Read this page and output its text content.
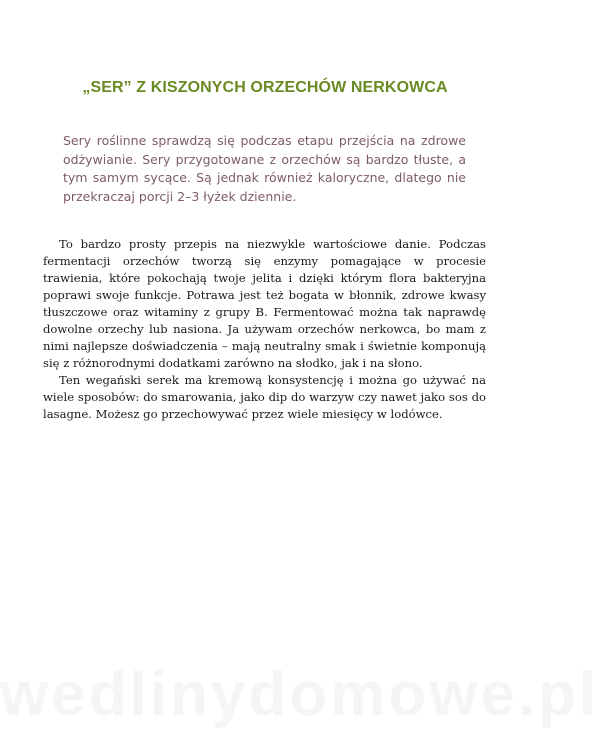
„SER” Z KISZONYCH ORZECHÓW NERKOWCA

Sery roślinne sprawdzą się podczas etapu przejścia na zdrowe odżywianie. Sery przygotowane z orzechów są bardzo tłuste, a tym samym sycące. Są jednak również kaloryczne, dlatego nie przekraczaj porcji 2–3 łyżek dziennie.

To bardzo prosty przepis na niezwykle wartościowe danie. Podczas fermentacji orzechów tworzą się enzymy pomagające w procesie trawienia, które pokochają twoje jelita i dzięki którym flora bakteryjna poprawi swoje funkcje. Potrawa jest też bogata w błonnik, zdrowe kwasy tłuszczowe oraz witaminy z grupy B. Fermentować można tak naprawdę dowolne orzechy lub nasiona. Ja używam orzechów nerkowca, bo mam z nimi najlepsze doświadczenia – mają neutralny smak i świetnie komponują się z różnorodnymi dodatkami zarówno na słodko, jak i na słono.

Ten wegański serek ma kremową konsystencję i można go używać na wiele sposobów: do smarowania, jako dip do warzyw czy nawet jako sos do lasagne. Możesz go przechowywać przez wiele miesięcy w lodówce.

wedlinydomowe.pl
